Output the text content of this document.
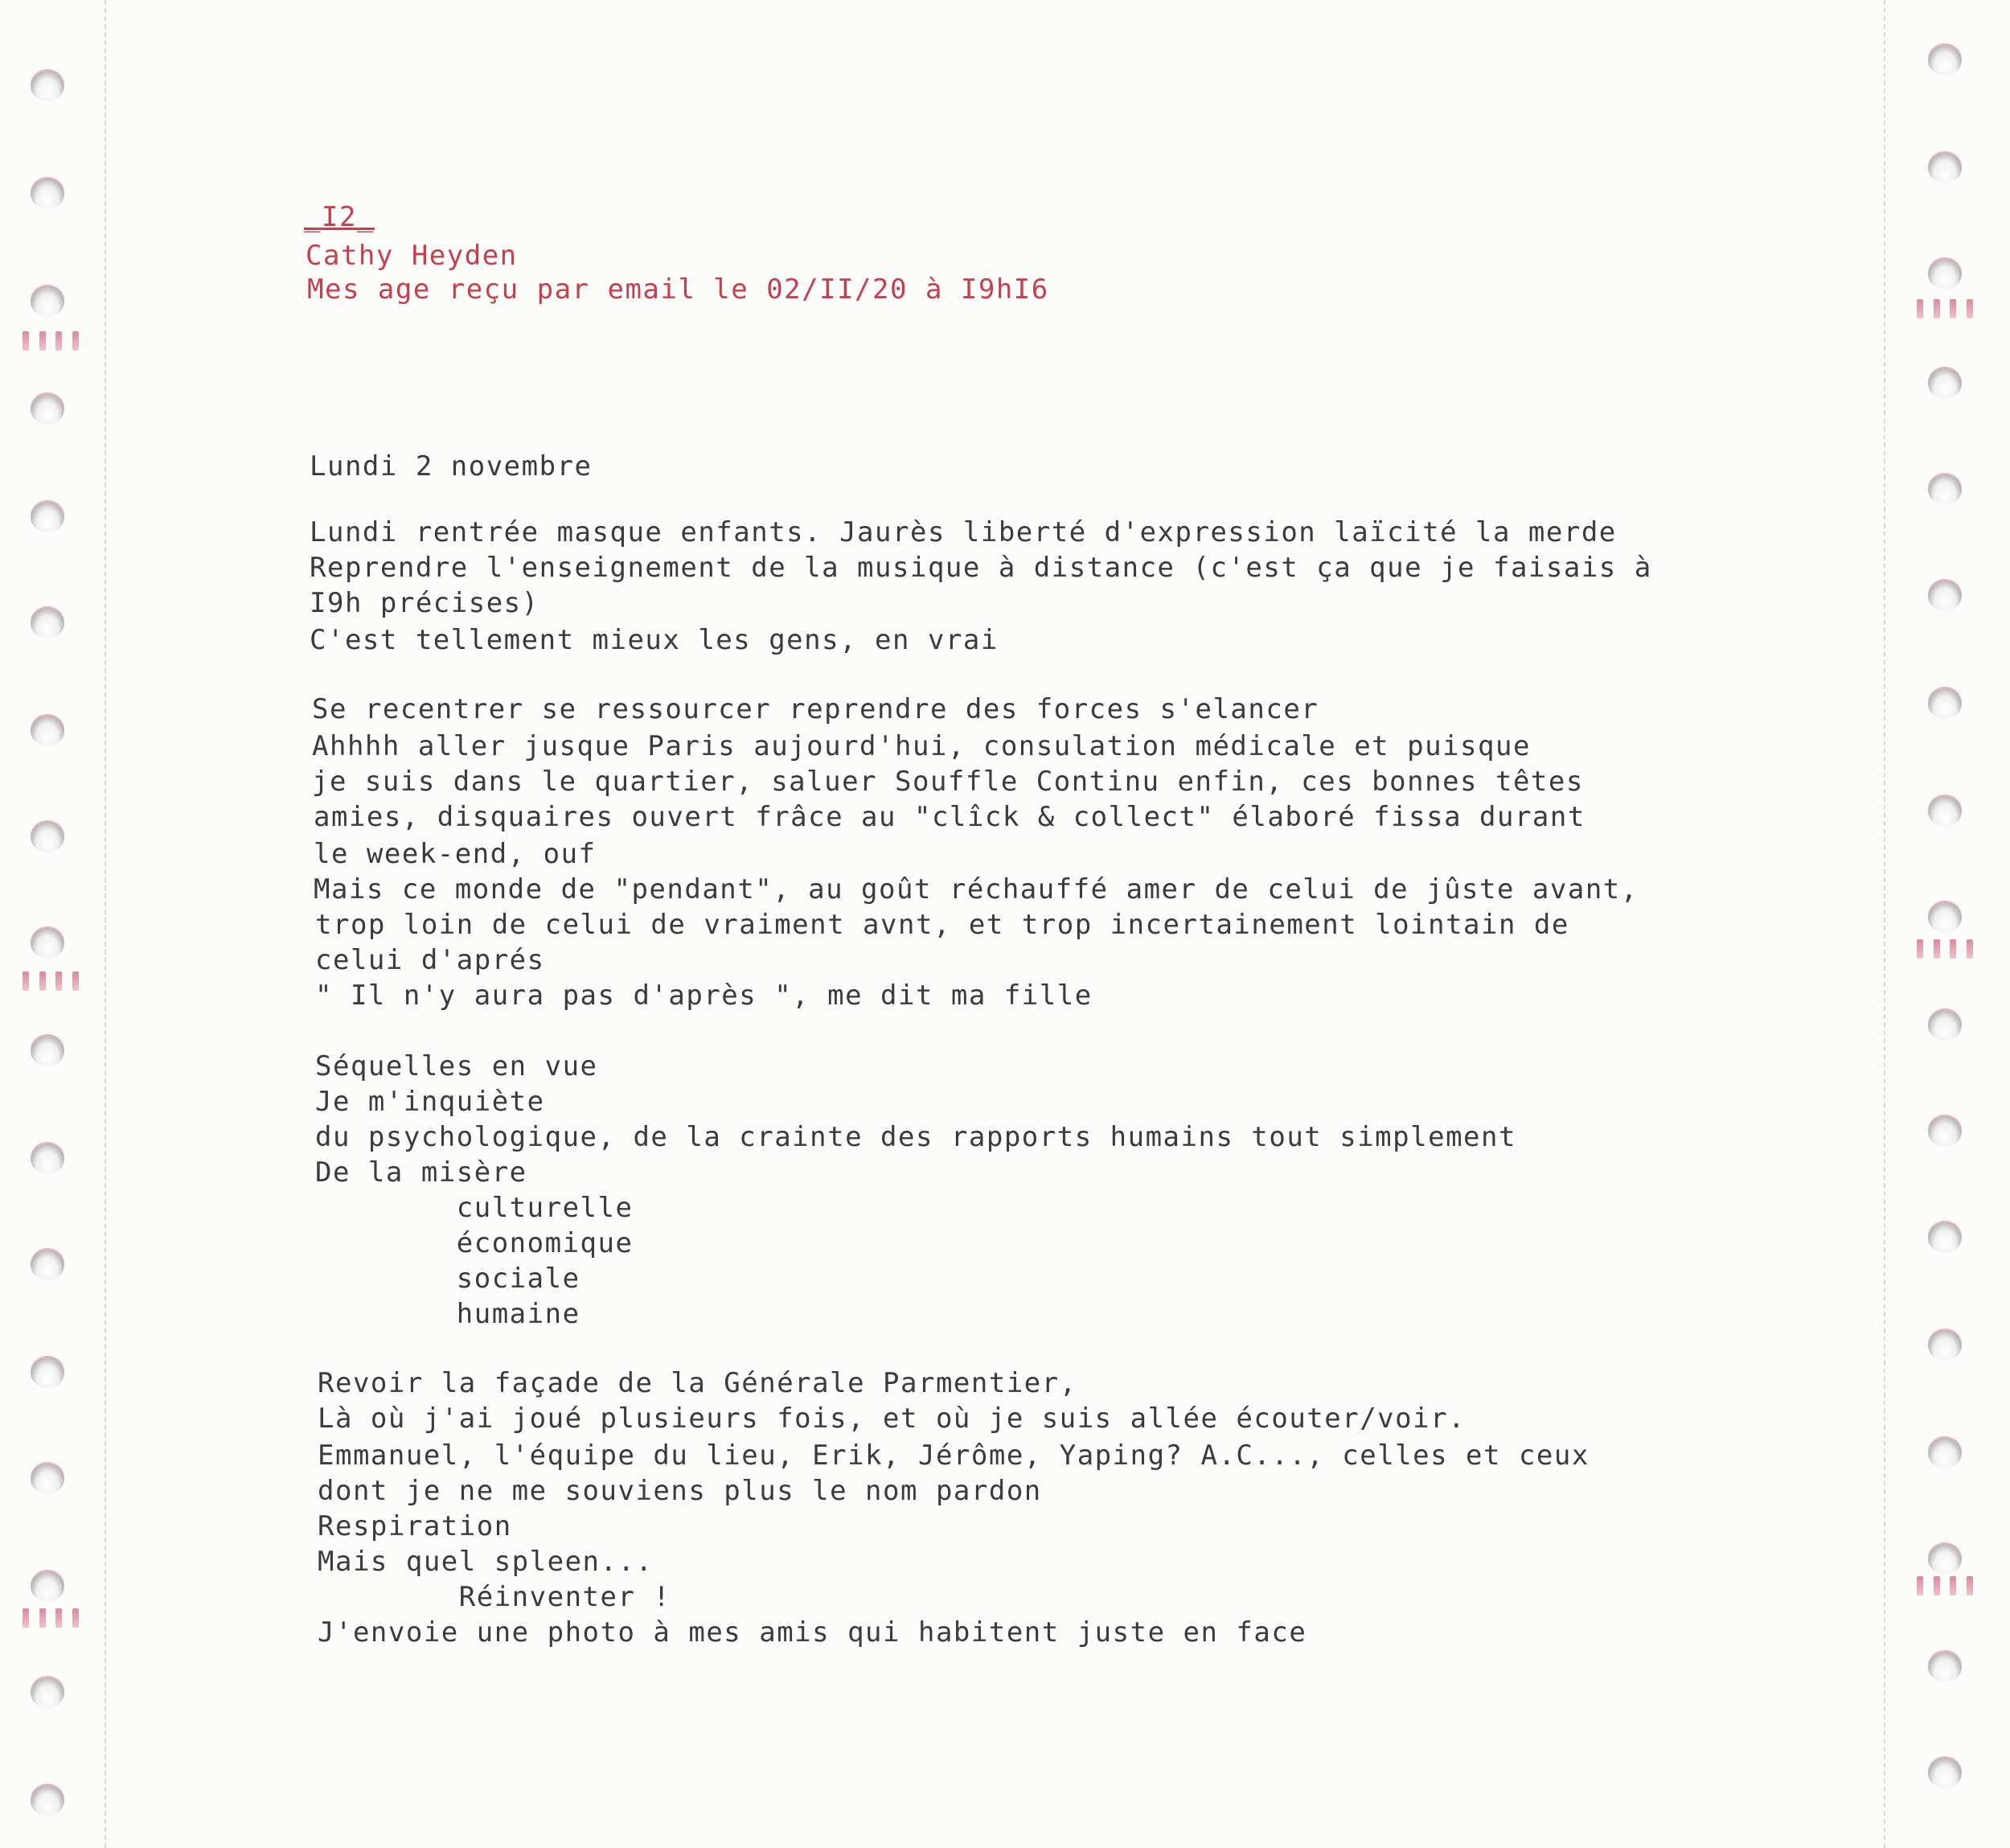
_I2_
Cathy Heyden
Mes age reçu par email le 02/II/20 à I9hI6
Lundi 2 novembre
Lundi rentrée masque enfants. Jaurès liberté d'expression laïcité la merde
Reprendre l'enseignement de la musique à distance (c'est ça que je faisais à
I9h précises)
C'est tellement mieux les gens, en vrai
Se recentrer se ressourcer reprendre des forces s'elancer
Ahhhh aller jusque Paris aujourd'hui, consulation médicale et puisque
je suis dans le quartier, saluer Souffle Continu enfin, ces bonnes têtes
amies, disquaires ouvert frâce au "clîck & collect" élaboré fissa durant
le week-end, ouf
Mais ce monde de "pendant", au goût réchauffé amer de celui de jûste avant,
trop loin de celui de vraiment avnt, et trop incertainement lointain de
celui d'aprés
" Il n'y aura pas d'après ", me dit ma fille
Séquelles en vue
Je m'inquiète
du psychologique, de la crainte des rapports humains tout simplement
De la misère
culturelle
économique
sociale
humaine
Revoir la façade de la Générale Parmentier,
Là où j'ai joué plusieurs fois, et où je suis allée écouter/voir.
Emmanuel, l'équipe du lieu, Erik, Jérôme, Yaping? A.C..., celles et ceux
dont je ne me souviens plus le nom pardon
Respiration
Mais quel spleen...
Réinventer !
J'envoie une photo à mes amis qui habitent juste en face
